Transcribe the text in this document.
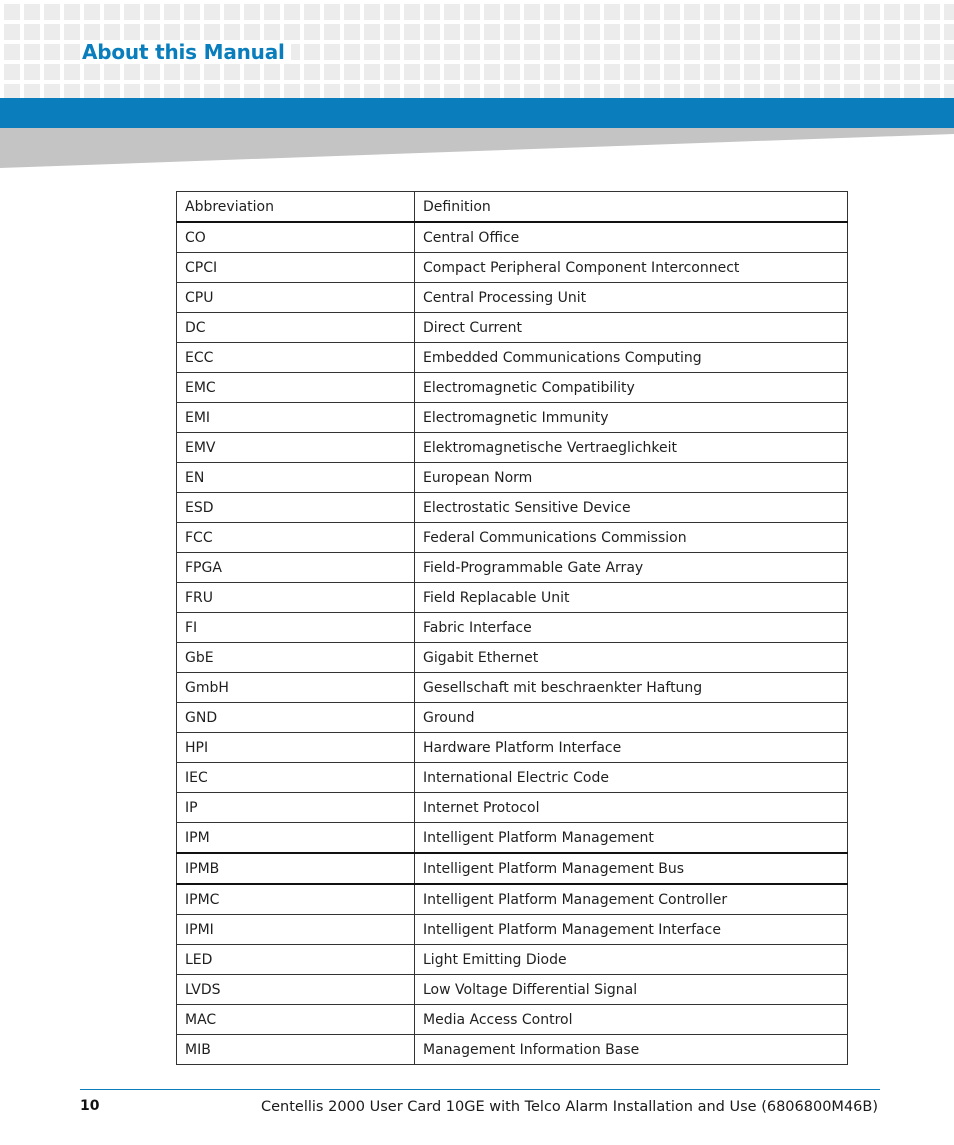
About this Manual
Abbreviation	Definition
CO	Central Office
CPCI	Compact Peripheral Component Interconnect
CPU	Central Processing Unit
DC	Direct Current
ECC	Embedded Communications Computing
EMC	Electromagnetic Compatibility
EMI	Electromagnetic Immunity
EMV	Elektromagnetische Vertraeglichkeit
EN	European Norm
ESD	Electrostatic Sensitive Device
FCC	Federal Communications Commission
FPGA	Field-Programmable Gate Array
FRU	Field Replacable Unit
FI	Fabric Interface
GbE	Gigabit Ethernet
GmbH	Gesellschaft mit beschraenkter Haftung
GND	Ground
HPI	Hardware Platform Interface
IEC	International Electric Code
IP	Internet Protocol
IPM	Intelligent Platform Management
IPMB	Intelligent Platform Management Bus
IPMC	Intelligent Platform Management Controller
IPMI	Intelligent Platform Management Interface
LED	Light Emitting Diode
LVDS	Low Voltage Differential Signal
MAC	Media Access Control
MIB	Management Information Base
10	Centellis 2000 User Card 10GE with Telco Alarm Installation and Use (6806800M46B)
